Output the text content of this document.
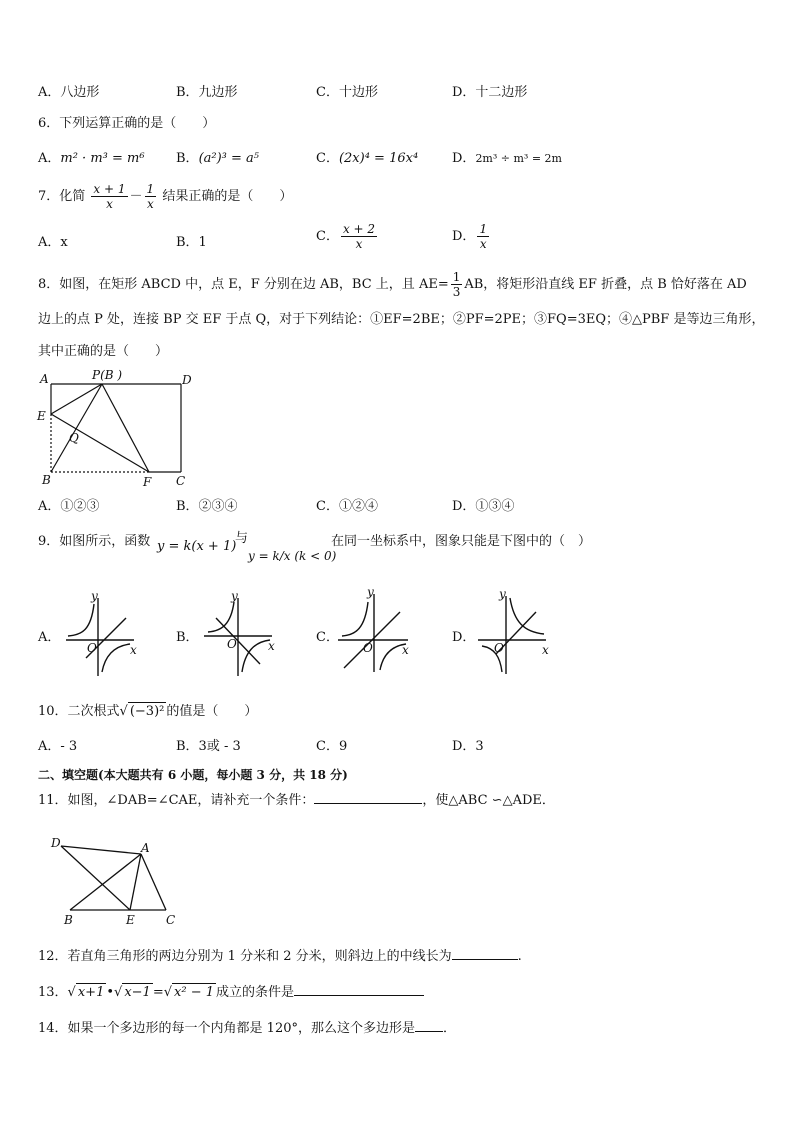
A．八边形	B．九边形	C．十边形	D．十二边形
6．下列运算正确的是（　　）
A．m² · m³ = m⁶ B．(a²)³ = a⁵	C．(2x)⁴ = 16x⁴	D．2m³ ÷ m³ = 2m
7．化简 $\frac{x + 1}{x} - \frac{1}{x}$ 结果正确的是（　　）
A．x	B．1	C． $\frac{x + 2}{x}$	D． $\frac{1}{x}$
8．如图，在矩形 ABCD 中，点 E，F 分别在边 AB，BC 上，且 $AE= \frac{1}{3}$ AB，将矩形沿直线 EF 折叠，点 B 恰好落在 AD
边上的点 P 处，连接 BP 交 EF 于点 Q，对于下列结论：①EF=2BE；②PF=2PE；③FQ=3EQ；④△PBF 是等边三角形，
其中正确的是（　　）
A	P(B )	D
E
Q
B	F C
A．①②③	B．②③④	C．①②④	D．①③④
9．如图所示，函数 y = k(x + 1)
与
y = k/x (k < 0)
在同一坐标系中，图象只能是下图中的（　）
A．
y
x
O
B．
y
x
O	C．
y
x
O
D．
y
x
O
10．二次根式√ (−3)² 的值是（　　）
A．- 3	B．3或 - 3	C．9	D．3
二、填空题(本大题共有 6 小题，每小题 3 分，共 18 分)
11．如图，∠DAB=∠CAE，请补充一个条件：	，使△ABC ∽△ADE．
D	A
B	E	C
12．若直角三角形的两边分别为 1 分米和 2 分米，则斜边上的中线长为	.
13．√ x+1 •√ x−1 =√ x² − 1 成立的条件是
14．如果一个多边形的每一个内角都是 120°，那么这个多边形是 ．
